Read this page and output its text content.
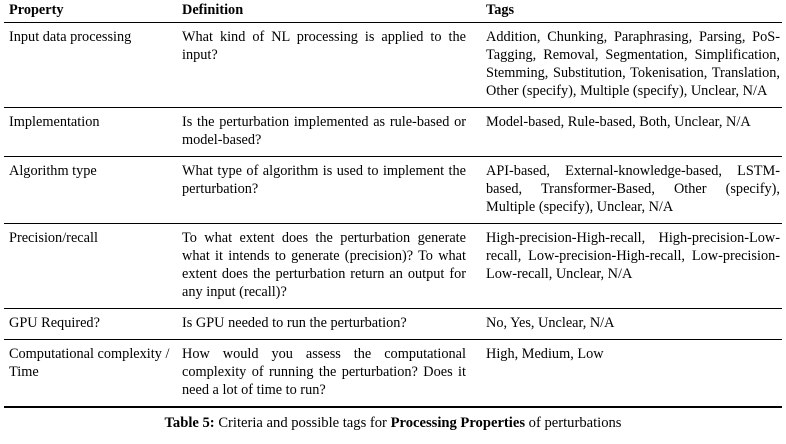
Property	Definition	Tags
Input data processing	What kind of NL processing is applied to the input?	Addition, Chunking, Paraphrasing, Parsing, PoS-Tagging, Removal, Segmentation, Simplification, Stemming, Substitution, Tokenisation, Translation, Other (specify), Multiple (specify), Unclear, N/A
Implementation	Is the perturbation implemented as rule-based or model-based?	Model-based, Rule-based, Both, Unclear, N/A
Algorithm type	What type of algorithm is used to implement the perturbation?	API-based, External-knowledge-based, LSTM-based, Transformer-Based, Other (specify), Multiple (specify), Unclear, N/A
Precision/recall	To what extent does the perturbation generate what it intends to generate (precision)? To what extent does the perturbation return an output for any input (recall)?	High-precision-High-recall, High-precision-Low-recall, Low-precision-High-recall, Low-precision-Low-recall, Unclear, N/A
GPU Required?	Is GPU needed to run the perturbation?	No, Yes, Unclear, N/A
Computational complexity / Time	How would you assess the computational complexity of running the perturbation? Does it need a lot of time to run?	High, Medium, Low
Table 5: Criteria and possible tags for Processing Properties of perturbations
